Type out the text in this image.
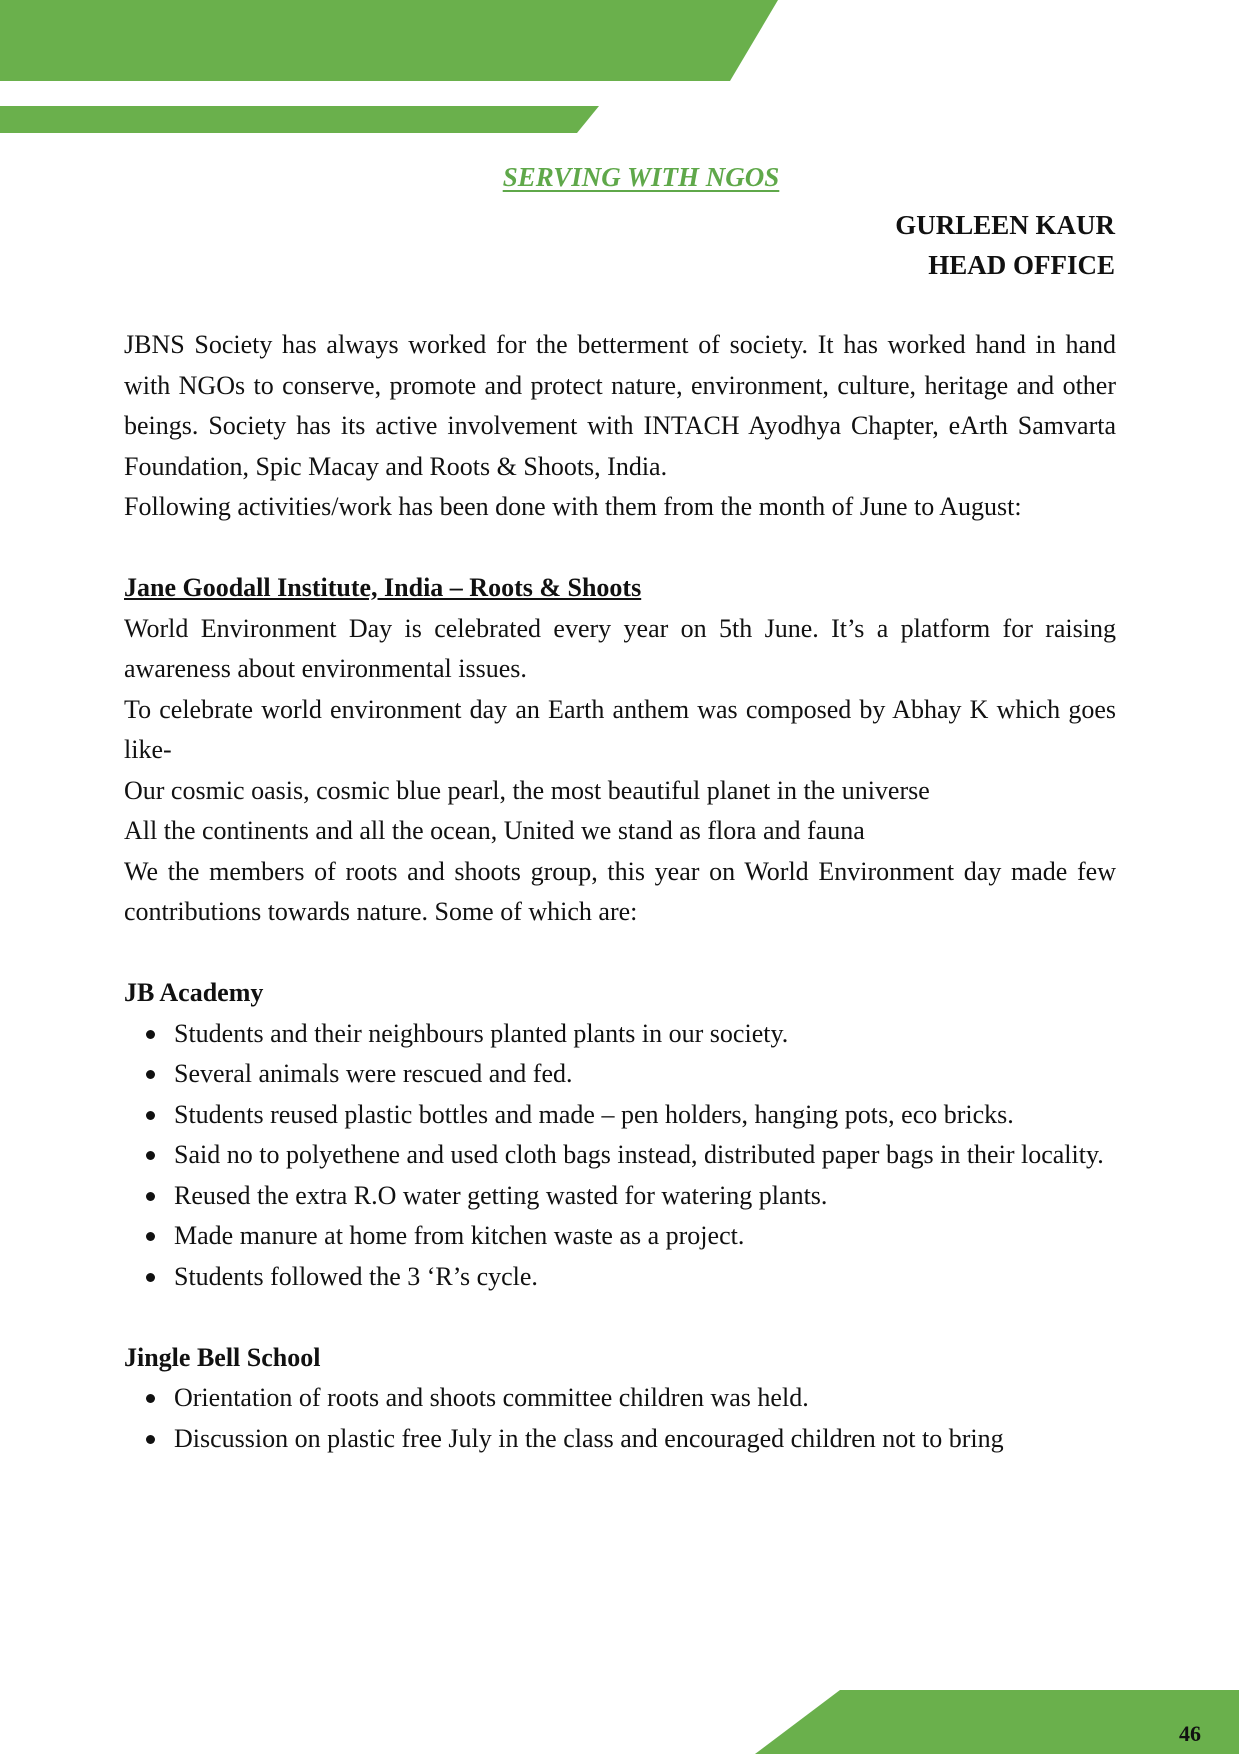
SERVING WITH NGOS
GURLEEN KAUR
HEAD OFFICE

JBNS Society has always worked for the betterment of society. It has worked hand in hand with NGOs to conserve, promote and protect nature, environment, culture, heritage and other beings. Society has its active involvement with INTACH Ayodhya Chapter, eArth Samvarta Foundation, Spic Macay and Roots & Shoots, India.

Following activities/work has been done with them from the month of June to August:

Jane Goodall Institute, India – Roots & Shoots

World Environment Day is celebrated every year on 5th June. It’s a platform for raising awareness about environmental issues.

To celebrate world environment day an Earth anthem was composed by Abhay K which goes like-

Our cosmic oasis, cosmic blue pearl, the most beautiful planet in the universe

All the continents and all the ocean, United we stand as flora and fauna

We the members of roots and shoots group, this year on World Environment day made few contributions towards nature. Some of which are:

JB Academy

Students and their neighbours planted plants in our society.
Several animals were rescued and fed.
Students reused plastic bottles and made – pen holders, hanging pots, eco bricks.
Said no to polyethene and used cloth bags instead, distributed paper bags in their locality.
Reused the extra R.O water getting wasted for watering plants.
Made manure at home from kitchen waste as a project.
Students followed the 3 ‘R’s cycle.

Jingle Bell School

Orientation of roots and shoots committee children was held.
Discussion on plastic free July in the class and encouraged children not to bring
46
